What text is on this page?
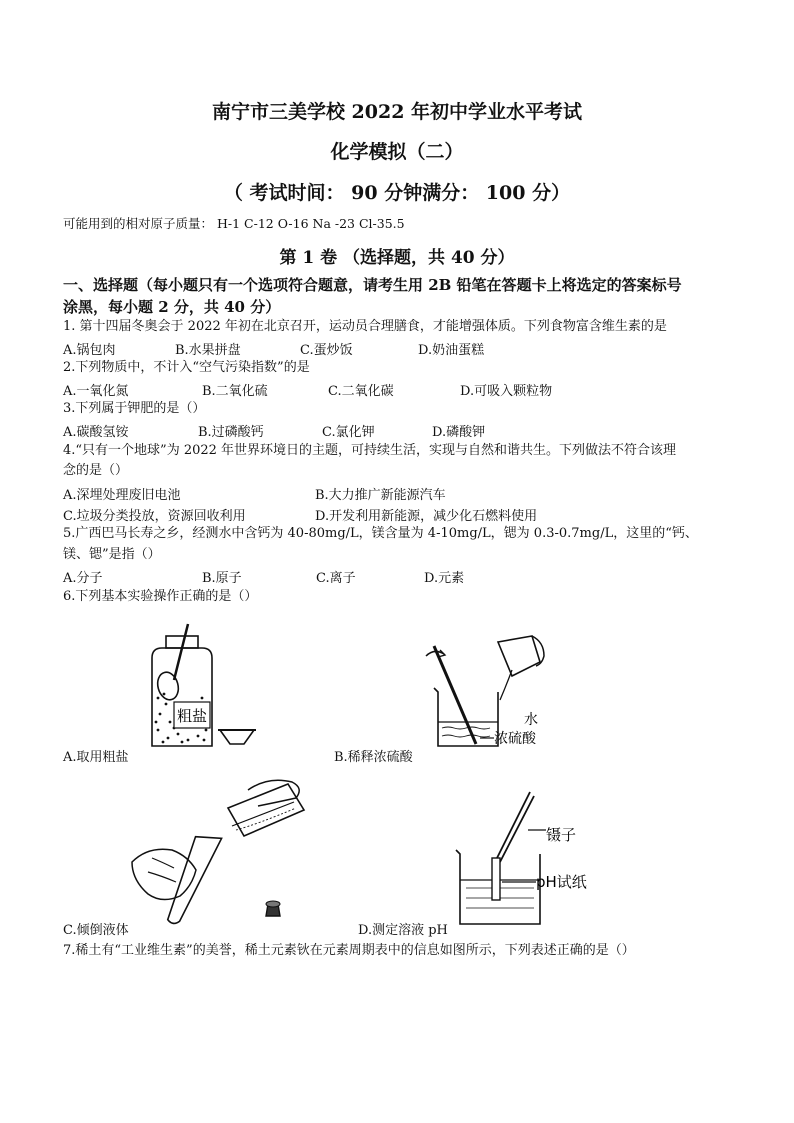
南宁市三美学校 2022 年初中学业水平考试
化学模拟（二）
（ 考试时间： 90 分钟满分： 100 分）
可能用到的相对原子质量： H-1 C-12 O-16 Na -23 Cl-35.5
第 1 卷 （选择题，共 40 分）
一、选择题（每小题只有一个选项符合题意，请考生用 2B 铅笔在答题卡上将选定的答案标号
涂黑，每小题 2 分，共 40 分）
1. 第十四届冬奥会于 2022 年初在北京召开，运动员合理膳食，才能增强体质。下列食物富含维生素的是
A.锅包肉	B.水果拼盘	C.蛋炒饭	D.奶油蛋糕
2.下列物质中，不计入“空气污染指数”的是
A.一氧化氮	B.二氧化硫	C.二氧化碳	D.可吸入颗粒物
3.下列属于钾肥的是（）
A.碳酸氢铵	B.过磷酸钙	C.氯化钾	D.磷酸钾
4.“只有一个地球”为 2022 年世界环境日的主题，可持续生活，实现与自然和谐共生。下列做法不符合该理
念的是（）
A.深埋处理废旧电池	B.大力推广新能源汽车
C.垃圾分类投放，资源回收利用	D.开发利用新能源，减少化石燃料使用
5.广西巴马长寿之乡，经测水中含钙为 40-80mg/L，镁含量为 4-10mg/L，锶为 0.3-0.7mg/L，这里的“钙、
镁、锶”是指（）
A.分子	B.原子	C.离子	D.元素
6.下列基本实验操作正确的是（）
粗盐
A.取用粗盐
水
浓硫酸
B.稀释浓硫酸
C.倾倒液体
镊子
pH试纸
D.测定溶液 pH
7.稀土有“工业维生素”的美誉，稀土元素钬在元素周期表中的信息如图所示，下列表述正确的是（）
